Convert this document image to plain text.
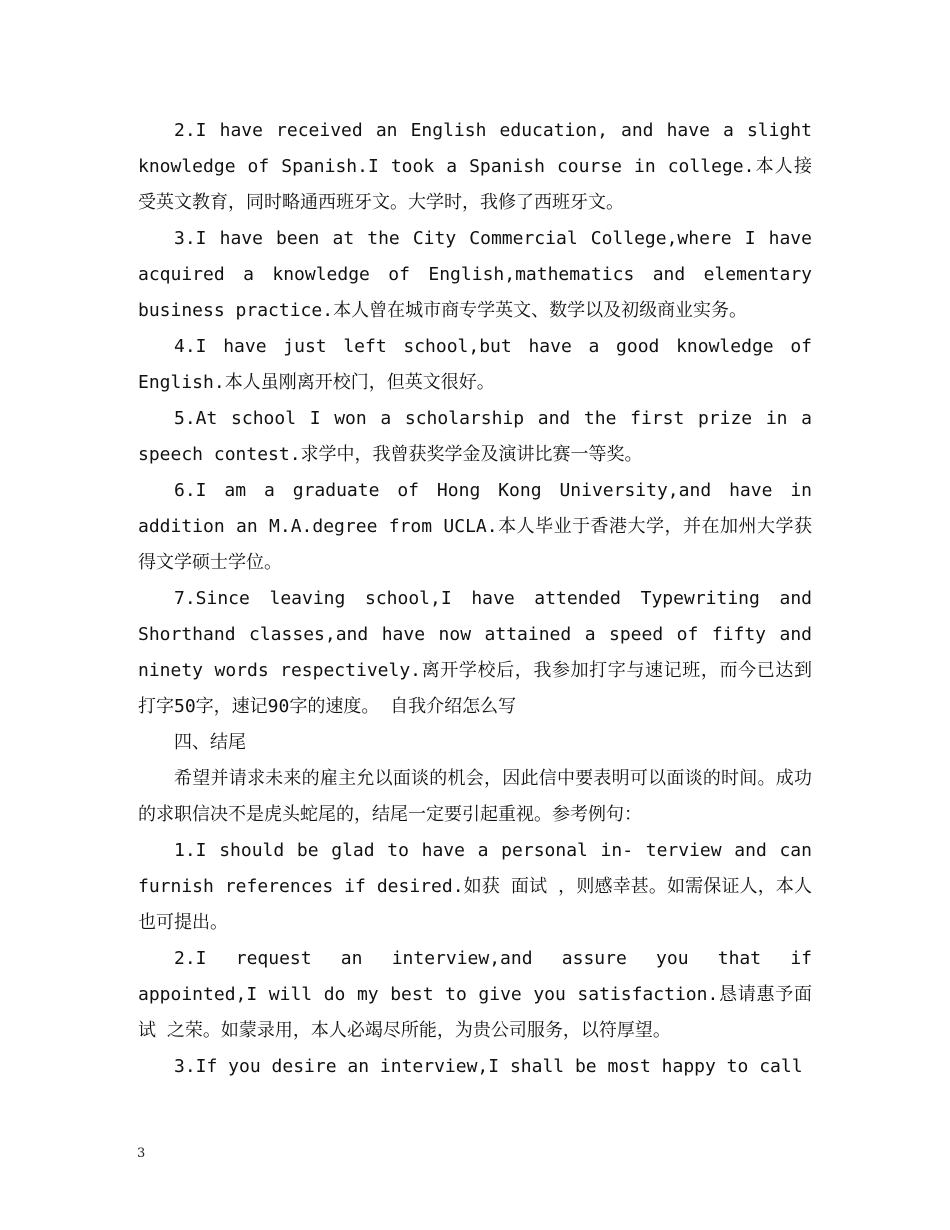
2.I have received an English education, and have a slight knowledge of Spanish.I took a Spanish course in college.本人接受英文教育，同时略通西班牙文。大学时，我修了西班牙文。

3.I have been at the City Commercial College,where I have acquired a knowledge of English,mathematics and elementary business practice.本人曾在城市商专学英文、数学以及初级商业实务。

4.I have just left school,but have a good knowledge of English.本人虽刚离开校门，但英文很好。

5.At school I won a scholarship and the first prize in a speech contest.求学中，我曾获奖学金及演讲比赛一等奖。

6.I am a graduate of Hong Kong University,and have in addition an M.A.degree from UCLA.本人毕业于香港大学，并在加州大学获得文学硕士学位。

7.Since leaving school,I have attended Typewriting and Shorthand classes,and have now attained a speed of fifty and ninety words respectively.离开学校后，我参加打字与速记班，而今已达到打字50字，速记90字的速度。 自我介绍怎么写

四、结尾

希望并请求未来的雇主允以面谈的机会，因此信中要表明可以面谈的时间。成功的求职信决不是虎头蛇尾的，结尾一定要引起重视。参考例句：

1.I should be glad to have a personal in- terview and can furnish references if desired.如获 面试 ，则感幸甚。如需保证人，本人也可提出。

2.I request an interview,and assure you that if appointed,I will do my best to give you satisfaction.恳请惠予面试 之荣。如蒙录用，本人必竭尽所能，为贵公司服务，以符厚望。

3.If you desire an interview,I shall be most happy to call

3
